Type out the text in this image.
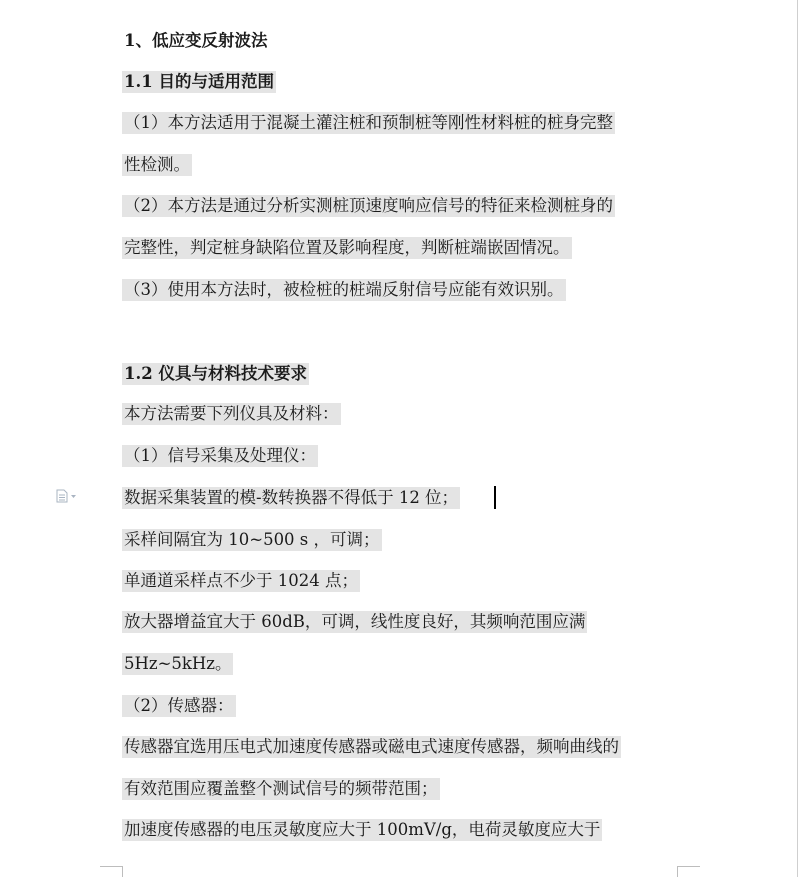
1、低应变反射波法
1.1 目的与适用范围
（1）本方法适用于混凝土灌注桩和预制桩等刚性材料桩的桩身完整
性检测。
（2）本方法是通过分析实测桩顶速度响应信号的特征来检测桩身的
完整性，判定桩身缺陷位置及影响程度，判断桩端嵌固情况。
（3）使用本方法时，被检桩的桩端反射信号应能有效识别。
1.2 仪具与材料技术要求
本方法需要下列仪具及材料：
（1）信号采集及处理仪：
数据采集装置的模-数转换器不得低于 12 位；
采样间隔宜为 10~500 s ，可调；
单通道采样点不少于 1024 点；
放大器增益宜大于 60dB，可调，线性度良好，其频响范围应满
5Hz~5kHz。
（2）传感器：
传感器宜选用压电式加速度传感器或磁电式速度传感器，频响曲线的
有效范围应覆盖整个测试信号的频带范围；
加速度传感器的电压灵敏度应大于 100mV/g，电荷灵敏度应大于
